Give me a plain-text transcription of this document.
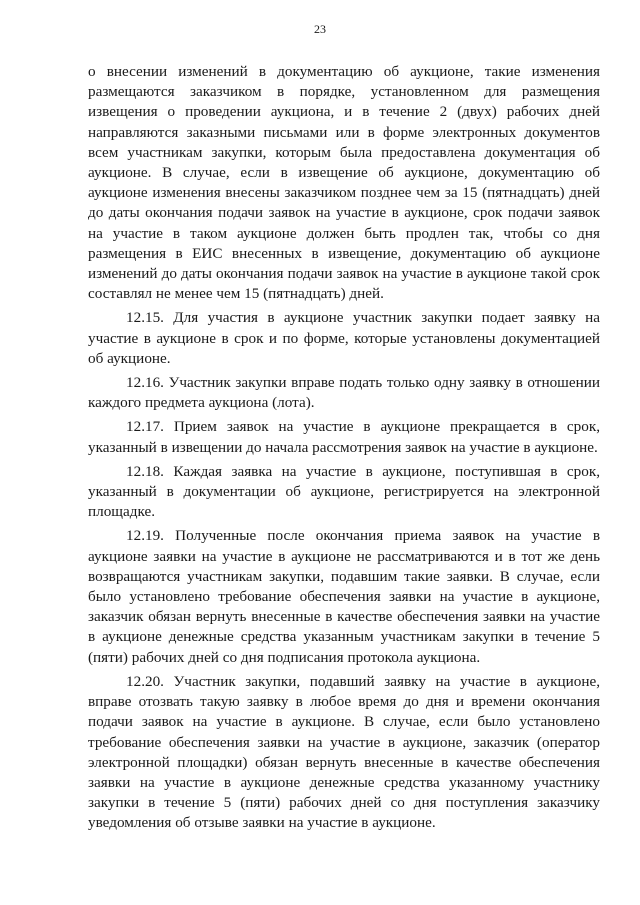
23

о внесении изменений в документацию об аукционе, такие изменения размещаются заказчиком в порядке, установленном для размещения извещения о проведении аукциона, и в течение 2 (двух) рабочих дней направляются заказными письмами или в форме электронных документов всем участникам закупки, которым была предоставлена документация об аукционе. В случае, если в извещение об аукционе, документацию об аукционе изменения внесены заказчиком позднее чем за 15 (пятнадцать) дней до даты окончания подачи заявок на участие в аукционе, срок подачи заявок на участие в таком аукционе должен быть продлен так, чтобы со дня размещения в ЕИС внесенных в извещение, документацию об аукционе изменений до даты окончания подачи заявок на участие в аукционе такой срок составлял не менее чем 15 (пятнадцать) дней.

12.15. Для участия в аукционе участник закупки подает заявку на участие в аукционе в срок и по форме, которые установлены документацией об аукционе.

12.16. Участник закупки вправе подать только одну заявку в отношении каждого предмета аукциона (лота).

12.17. Прием заявок на участие в аукционе прекращается в срок, указанный в извещении до начала рассмотрения заявок на участие в аукционе.

12.18. Каждая заявка на участие в аукционе, поступившая в срок, указанный в документации об аукционе, регистрируется на электронной площадке.

12.19. Полученные после окончания приема заявок на участие в аукционе заявки на участие в аукционе не рассматриваются и в тот же день возвращаются участникам закупки, подавшим такие заявки. В случае, если было установлено требование обеспечения заявки на участие в аукционе, заказчик обязан вернуть внесенные в качестве обеспечения заявки на участие в аукционе денежные средства указанным участникам закупки в течение 5 (пяти) рабочих дней со дня подписания протокола аукциона.

12.20. Участник закупки, подавший заявку на участие в аукционе, вправе отозвать такую заявку в любое время до дня и времени окончания подачи заявок на участие в аукционе. В случае, если было установлено требование обеспечения заявки на участие в аукционе, заказчик (оператор электронной площадки) обязан вернуть внесенные в качестве обеспечения заявки на участие в аукционе денежные средства указанному участнику закупки в течение 5 (пяти) рабочих дней со дня поступления заказчику уведомления об отзыве заявки на участие в аукционе.
